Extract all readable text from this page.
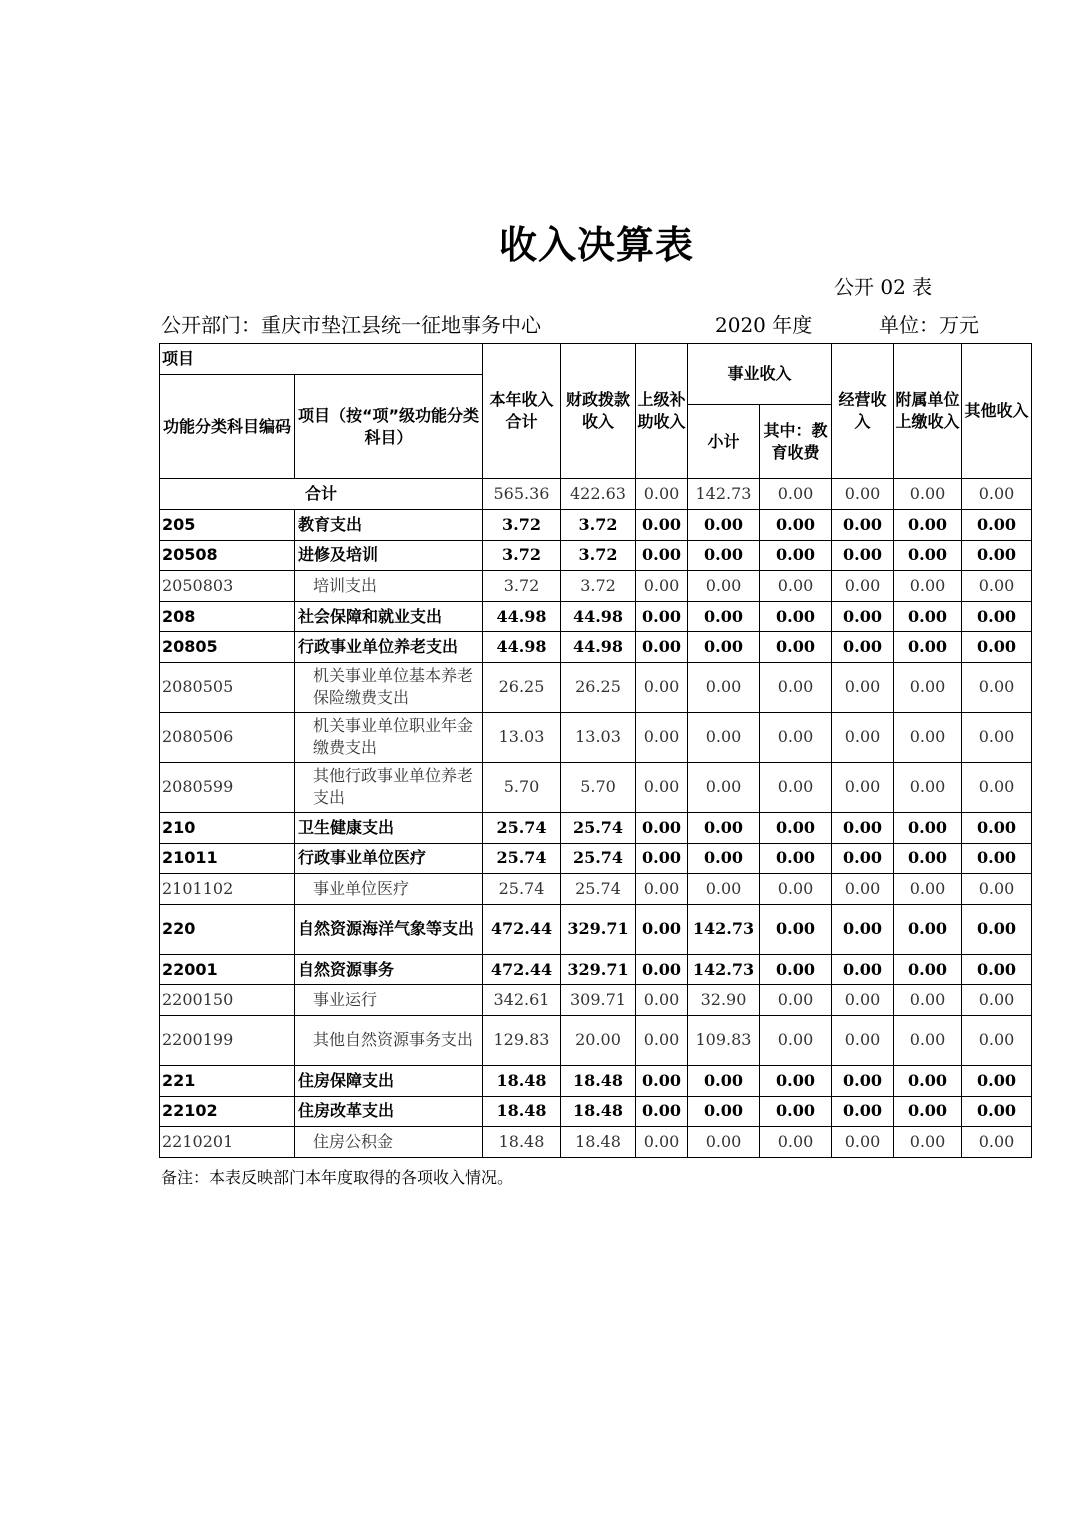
收入决算表
公开 02 表
公开部门：重庆市垫江县统一征地事务中心	2020 年度	单位：万元
项目		本年收入合计	财政拨款收入	上级补助收入	事业收入		经营收入	附属单位上缴收入	其他收入
功能分类科目编码	项目（按“项”级功能分类科目）								
					小计	其中：教育收费			
合计		565.36	422.63	0.00	142.73	0.00	0.00	0.00	0.00
205	教育支出	3.72	3.72	0.00	0.00	0.00	0.00	0.00	0.00
20508	进修及培训	3.72	3.72	0.00	0.00	0.00	0.00	0.00	0.00
2050803	培训支出	3.72	3.72	0.00	0.00	0.00	0.00	0.00	0.00
208	社会保障和就业支出	44.98	44.98	0.00	0.00	0.00	0.00	0.00	0.00
20805	行政事业单位养老支出	44.98	44.98	0.00	0.00	0.00	0.00	0.00	0.00
2080505	机关事业单位基本养老保险缴费支出	26.25	26.25	0.00	0.00	0.00	0.00	0.00	0.00
2080506	机关事业单位职业年金缴费支出	13.03	13.03	0.00	0.00	0.00	0.00	0.00	0.00
2080599	其他行政事业单位养老支出	5.70	5.70	0.00	0.00	0.00	0.00	0.00	0.00
210	卫生健康支出	25.74	25.74	0.00	0.00	0.00	0.00	0.00	0.00
21011	行政事业单位医疗	25.74	25.74	0.00	0.00	0.00	0.00	0.00	0.00
2101102	事业单位医疗	25.74	25.74	0.00	0.00	0.00	0.00	0.00	0.00
220	自然资源海洋气象等支出	472.44	329.71	0.00	142.73	0.00	0.00	0.00	0.00
22001	自然资源事务	472.44	329.71	0.00	142.73	0.00	0.00	0.00	0.00
2200150	事业运行	342.61	309.71	0.00	32.90	0.00	0.00	0.00	0.00
2200199	其他自然资源事务支出	129.83	20.00	0.00	109.83	0.00	0.00	0.00	0.00
221	住房保障支出	18.48	18.48	0.00	0.00	0.00	0.00	0.00	0.00
22102	住房改革支出	18.48	18.48	0.00	0.00	0.00	0.00	0.00	0.00
2210201	住房公积金	18.48	18.48	0.00	0.00	0.00	0.00	0.00	0.00
备注：本表反映部门本年度取得的各项收入情况。
